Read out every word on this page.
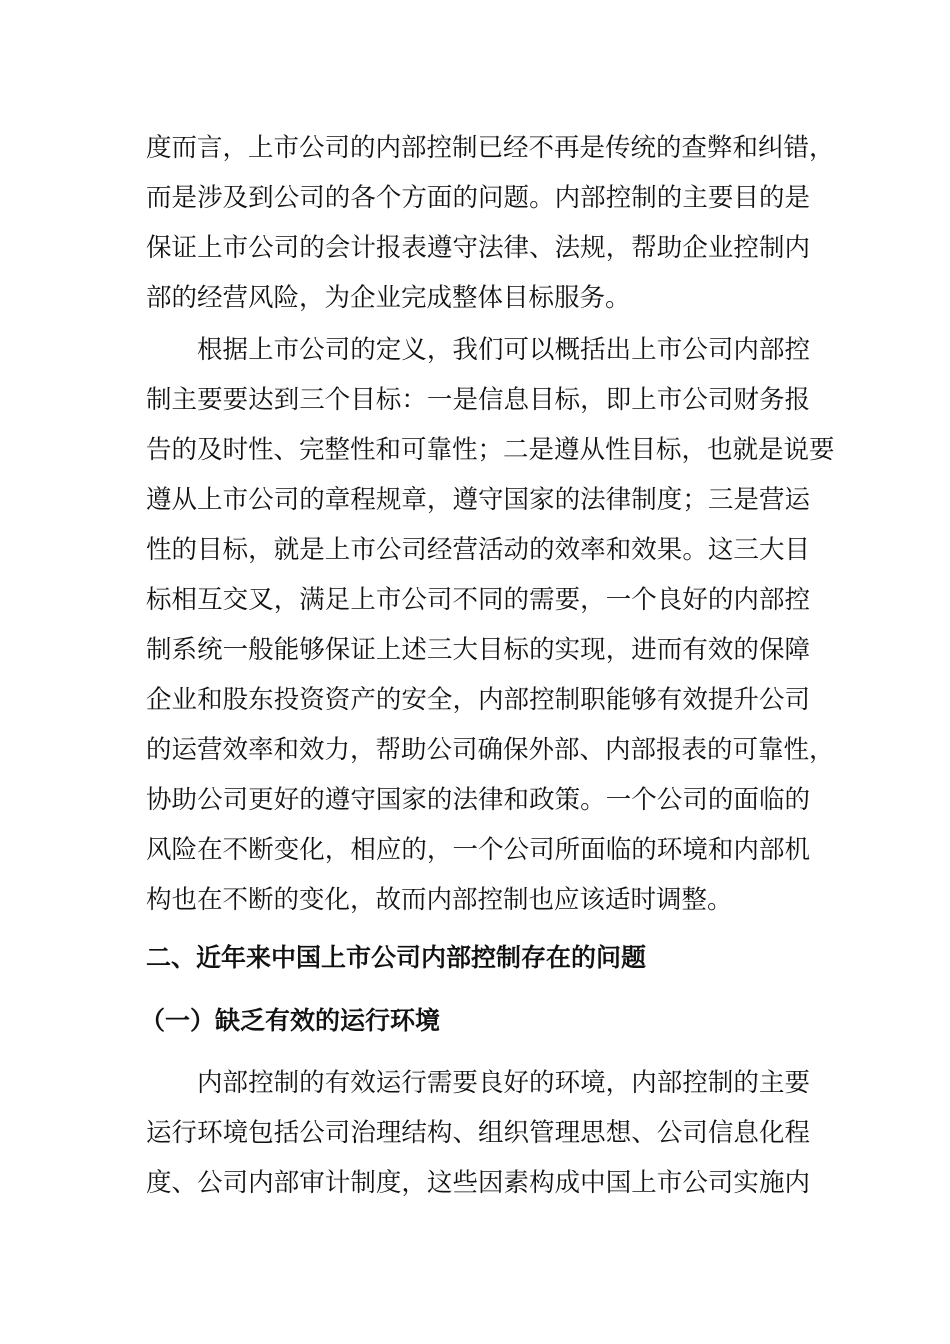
度而言，上市公司的内部控制已经不再是传统的查弊和纠错，
而是涉及到公司的各个方面的问题。内部控制的主要目的是
保证上市公司的会计报表遵守法律、法规，帮助企业控制内
部的经营风险，为企业完成整体目标服务。
根据上市公司的定义，我们可以概括出上市公司内部控
制主要要达到三个目标：一是信息目标，即上市公司财务报
告的及时性、完整性和可靠性；二是遵从性目标，也就是说要
遵从上市公司的章程规章，遵守国家的法律制度；三是营运
性的目标，就是上市公司经营活动的效率和效果。这三大目
标相互交叉，满足上市公司不同的需要，一个良好的内部控
制系统一般能够保证上述三大目标的实现，进而有效的保障
企业和股东投资资产的安全，内部控制职能够有效提升公司
的运营效率和效力，帮助公司确保外部、内部报表的可靠性，
协助公司更好的遵守国家的法律和政策。一个公司的面临的
风险在不断变化，相应的，一个公司所面临的环境和内部机
构也在不断的变化，故而内部控制也应该适时调整。
二、近年来中国上市公司内部控制存在的问题
（一）缺乏有效的运行环境
内部控制的有效运行需要良好的环境，内部控制的主要
运行环境包括公司治理结构、组织管理思想、公司信息化程
度、公司内部审计制度，这些因素构成中国上市公司实施内
